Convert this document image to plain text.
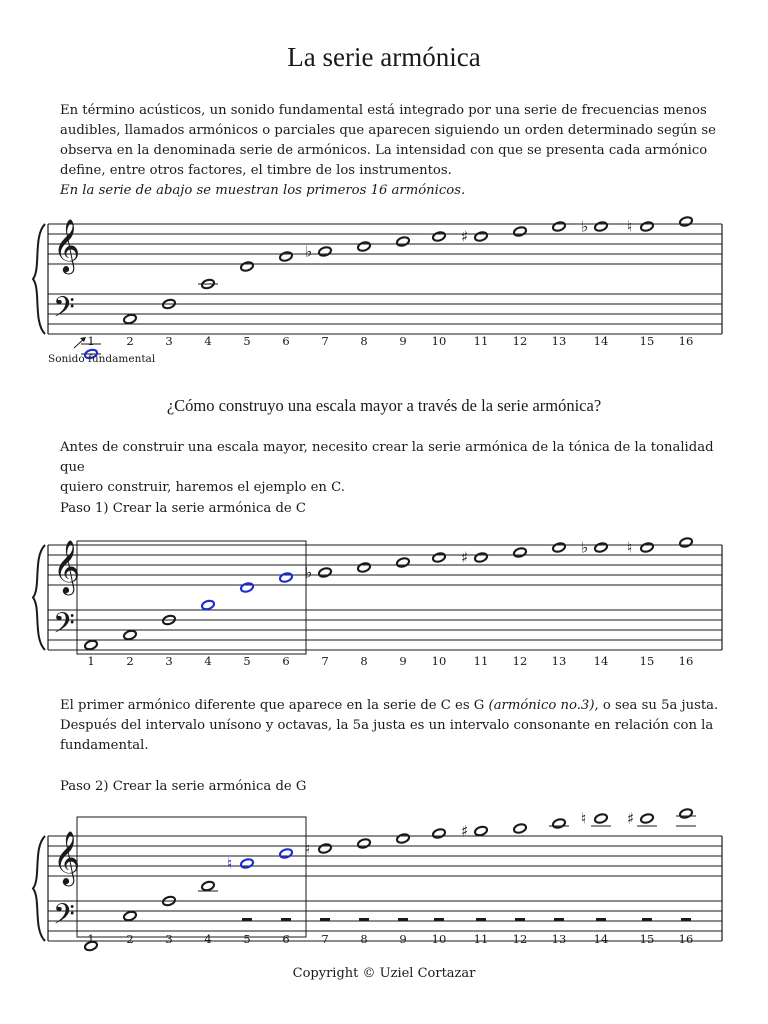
La serie armónica

En término acústicos, un sonido fundamental está integrado por una serie de frecuencias menos

audibles, llamados armónicos o parciales que aparecen siguiendo un orden determinado según se

observa en la denominada serie de armónicos. La intensidad con que se presenta cada armónico

define, entre otros factores, el timbre de los instrumentos.

En la serie de abajo se muestran los primeros 16 armónicos.

𝄞
𝄢
♭
♯
♭	♮
1	2	3	4	5	6	7	8	9 10 11 12 13 14	15 16
Sonido fundamental
¿Cómo construyo una escala mayor a través de la serie armónica?

Antes de construir una escala mayor, necesito crear la serie armónica de la tónica de la tonalidad que

quiero construir, haremos el ejemplo en C.

Paso 1) Crear la serie armónica de C
𝄞
𝄢
♭
♯
♭	♮
1	2	3	4	5	6	7	8	9 10 11 12 13 14	15 16

El primer armónico diferente que aparece en la serie de C es G (armónico no.3), o sea su 5a justa.

Después del intervalo unísono y octavas, la 5a justa es un intervalo consonante en relación con la

fundamental.

Paso 2) Crear la serie armónica de G
𝄞
𝄢
♮
♮
♯
♮	♯
1	2	3	4	5	6	7	8	9 10 11 12 13 14	15 16
Copyright © Uziel Cortazar
